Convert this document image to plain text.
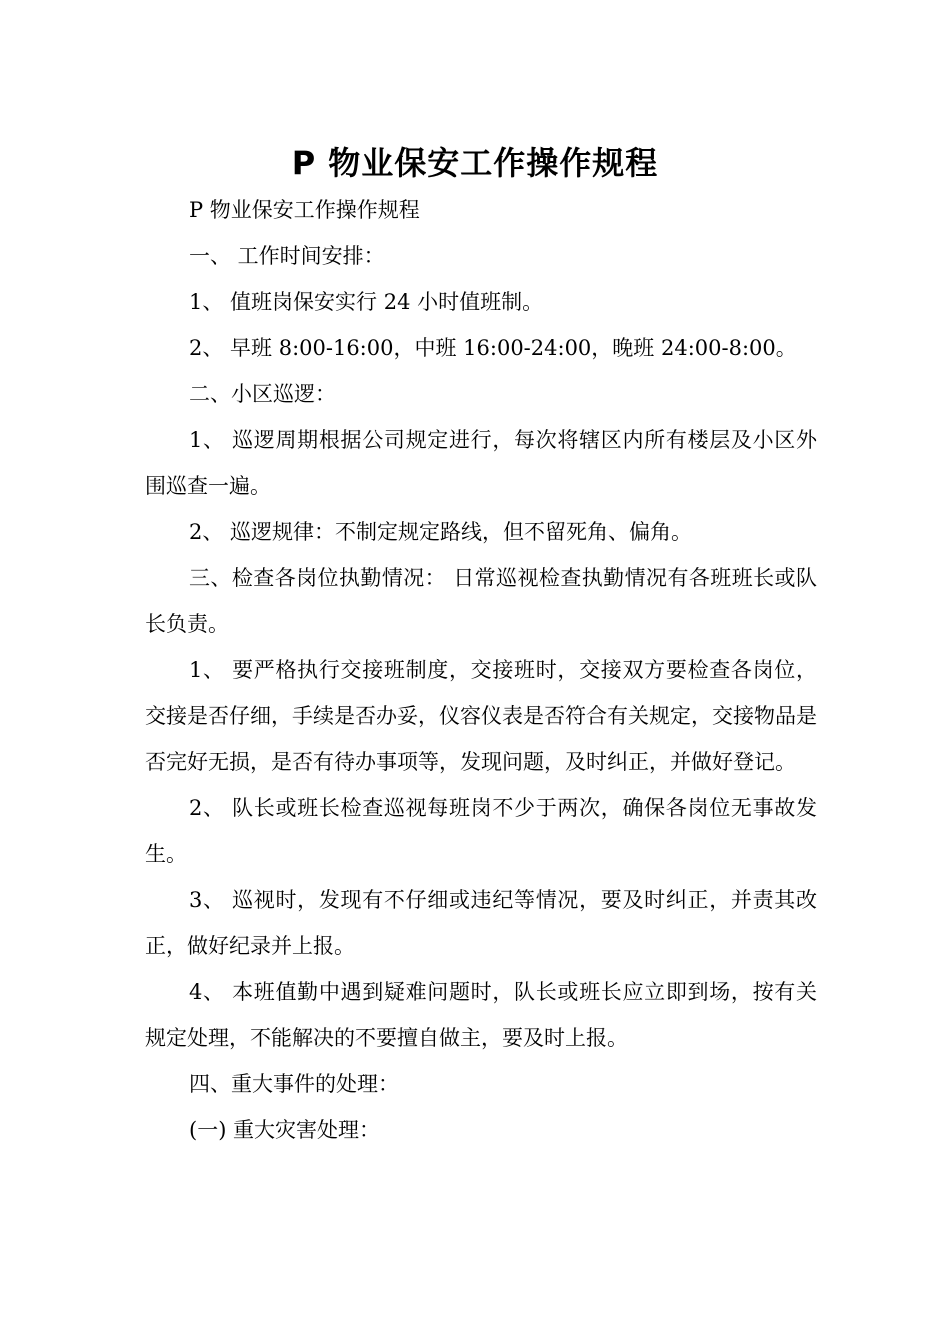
P 物业保安工作操作规程

P 物业保安工作操作规程

一、 工作时间安排：

1、 值班岗保安实行 24 小时值班制。

2、 早班 8:00-16:00，中班 16:00-24:00，晚班 24:00-8:00。

二、小区巡逻：

1、 巡逻周期根据公司规定进行，每次将辖区内所有楼层及小区外围巡查一遍。

2、 巡逻规律：不制定规定路线，但不留死角、偏角。

三、检查各岗位执勤情况： 日常巡视检查执勤情况有各班班长或队长负责。

1、 要严格执行交接班制度，交接班时，交接双方要检查各岗位，交接是否仔细，手续是否办妥，仪容仪表是否符合有关规定，交接物品是否完好无损，是否有待办事项等，发现问题，及时纠正，并做好登记。

2、 队长或班长检查巡视每班岗不少于两次，确保各岗位无事故发生。

3、 巡视时，发现有不仔细或违纪等情况，要及时纠正，并责其改正，做好纪录并上报。

4、 本班值勤中遇到疑难问题时，队长或班长应立即到场，按有关规定处理，不能解决的不要擅自做主，要及时上报。

四、重大事件的处理：

(一) 重大灾害处理：
